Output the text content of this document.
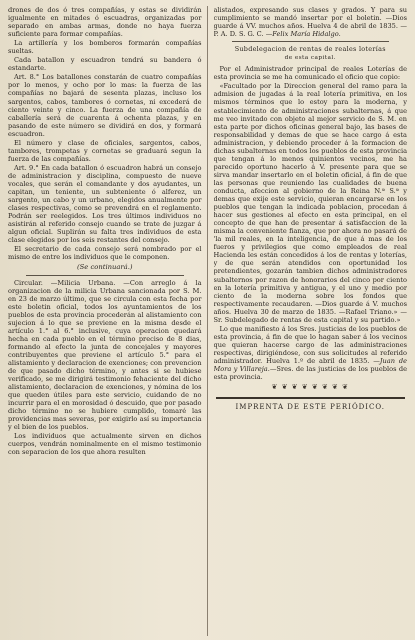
drones de dos ó tres compañías, y estas se dividirán igualmente en mitades ó escuadras, organizadas por separado en ambas armas, donde no haya fuerza suficiente para formar compañías.

La artillería y los bomberos formarán compañías sueltas.

Cada batallon y escuadron tendrá su bandera ó estandarte.

Art. 8.° Los batallones constarán de cuatro compañías por lo menos, y ocho por lo mas: la fuerza de las compañías no bajará de sesenta plazas, incluso los sargentos, cabos, tambores ó cornetas, ni excederá de ciento veinte y cinco. La fuerza de una compañía de caballería será de cuarenta á ochenta plazas, y en pasando de este número se dividirá en dos, y formará escuadron.

El número y clase de oficiales, sargentos, cabos, tambores, trompetas y cornetas se graduará segun la fuerza de las compañías.

Art. 9.° En cada batallon ó escuadron habrá un consejo de administracion y disciplina, compuesto de nueve vocales, que serán el comandante y dos ayudantes, un capitan, un teniente, un subteniente ó alferez, un sargento, un cabo y un urbano, elegidos anualmente por clases respectivas, como se prevendrá en el reglamento. Podrán ser reelegidos. Los tres últimos individuos no asistirán al referido consejo cuando se trate de juzgar á algun oficial. Suplirán su falta tres individuos de esta clase elegidos por los seis restantes del consejo.

El secretario de cada consejo será nombrado por el mismo de entre los individuos que le componen.

(Se continuará.)

Circular. —Milicia Urbana. —Con arreglo á la organizacion de la milicia Urbana sancionada por S. M. en 23 de marzo último, que se circula con esta fecha por este boletin oficial, todos los ayuntamientos de los pueblos de esta provincia procederán al alistamiento con sujecion á lo que se previene en la misma desde el artículo 1.° al 6.° inclusive, cuya operacion quedará hecha en cada pueblo en el término preciso de 8 dias, formando al efecto la junta de concejales y mayores contribuyentes que previene el artículo 5.° para el alistamiento y declaracion de exenciones; con prevencion de que pasado dicho término, y antes si se hubiese verificado, se me dirigirá testimonio fehaciente del dicho alistamiento, declaracion de exenciones, y nómina de los que queden útiles para este servicio, cuidando de no incurrir para el en morosidad ó descuido, que por pasado dicho término no se hubiere cumplido, tomaré las providencias mas severas, por exigirlo así su importancia y el bien de los pueblos.

Los individuos que actualmente sirven en dichos cuerpos, vendrán nominalmente en el mismo testimonio con separacion de los que ahora resulten

alistados, expresando sus clases y grados. Y para su cumplimiento se mandó insertar por el boletin. —Dios guarde á VV. muchos años. Huelva 4 de abril de 1835. —P. A. D. S. G. C. —Felix María Hidalgo.

Subdelegacion de rentas de reales loterías

de esta capital.

Por el Administrador principal de reales Loterías de esta provincia se me ha comunicado el oficio que copio:

«Facultado por la Direccion general del ramo para la admision de jugadas á la real lotería primitiva, en los mismos términos que lo estoy para la moderna, y establecimiento de administraciones subalternas, á que me veo invitado con objeto al mejor servicio de S. M. en esta parte por dichos oficinas general bajo, las bases de responsabilidad y demas de que se hace cargo á esta administracion, y debiendo proceder á la formacion de dichas subalternas en todos los pueblos de esta provincia que tengan á lo menos quinientos vecinos, me ha parecido oportuno hacerlo á V. presente para que se sirva mandar insertarlo en el boletin oficial, á fin de que las personas que reuniendo las cualidades de buena conducta, afeccion al gobierno de la Reina N.ª S.ª y demas que exije este servicio, quieran encargarse en los pueblos que tengan la indicada poblacion, procedan á hacer sus gestiones al efecto en esta principal, en el concepto de que han de presentar á satisfaccion de la misma la conveniente fianza, que por ahora no pasará de 'la mil reales, en la inteligencia, de que á mas de los fueros y privilegios que como empleados de real Hacienda les están concedidos á los de rentas y loterías, y de que serán atendidos con oportunidad los pretendientes, gozarán tambien dichos administradores subalternos por razon de honorarios del cinco por ciento en la lotería primitiva y antigua, y el uno y medio por ciento de la moderna sobre los fondos que respectivamente recaudaren. —Dios guarde á V. muchos años. Huelva 30 de marzo de 1835. —Rafael Triano.» —Sr. Subdelegado de rentas de esta capital y su partido.»

Lo que manifiesto á los Sres. justicias de los pueblos de esta provincia, á fin de que lo hagan saber á los vecinos que quieran hacerse cargo de las administraciones respectivas, dirigiéndose, con sus solicitudes al referido administrador. Huelva 1.º de abril de 1835. —Juan de Mora y Villareja.—Sres. de las justicias de los pueblos de esta provincia.

❦ ❦ ❦ ❦ ❦ ❦ ❦ ❦

IMPRENTA DE ESTE PERIÓDICO.
